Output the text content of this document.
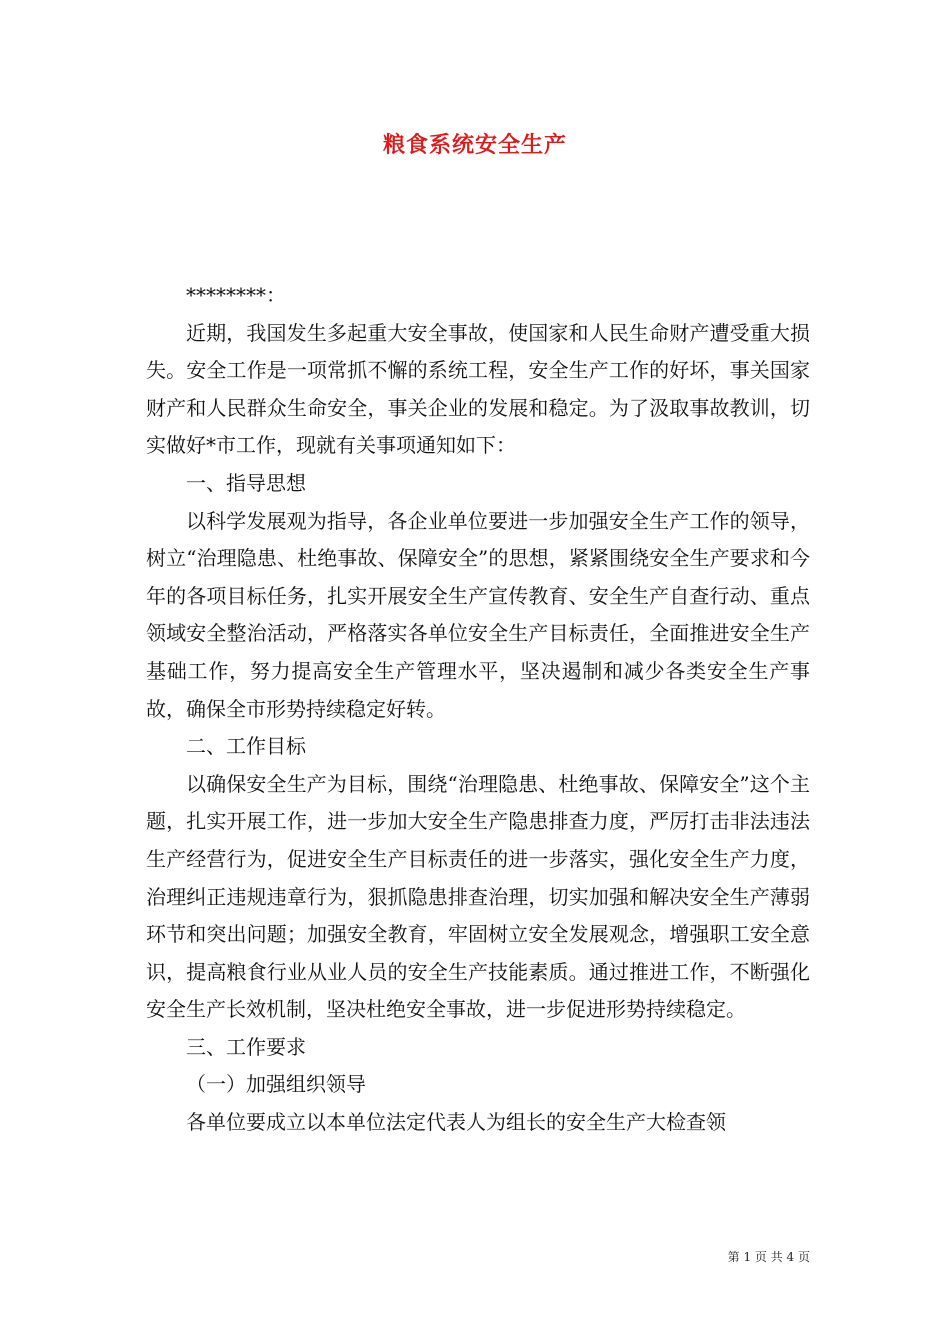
粮食系统安全生产

********：

近期，我国发生多起重大安全事故，使国家和人民生命财产遭受重大损失。安全工作是一项常抓不懈的系统工程，安全生产工作的好坏，事关国家财产和人民群众生命安全，事关企业的发展和稳定。为了汲取事故教训，切实做好*市工作，现就有关事项通知如下：

一、指导思想

以科学发展观为指导，各企业单位要进一步加强安全生产工作的领导，树立“治理隐患、杜绝事故、保障安全”的思想，紧紧围绕安全生产要求和今年的各项目标任务，扎实开展安全生产宣传教育、安全生产自查行动、重点领域安全整治活动，严格落实各单位安全生产目标责任，全面推进安全生产基础工作，努力提高安全生产管理水平，坚决遏制和减少各类安全生产事故，确保全市形势持续稳定好转。

二、工作目标

以确保安全生产为目标，围绕“治理隐患、杜绝事故、保障安全”这个主题，扎实开展工作，进一步加大安全生产隐患排查力度，严厉打击非法违法生产经营行为，促进安全生产目标责任的进一步落实，强化安全生产力度，治理纠正违规违章行为，狠抓隐患排查治理，切实加强和解决安全生产薄弱环节和突出问题；加强安全教育，牢固树立安全发展观念，增强职工安全意识，提高粮食行业从业人员的安全生产技能素质。通过推进工作，不断强化安全生产长效机制，坚决杜绝安全事故，进一步促进形势持续稳定。

三、工作要求

（一）加强组织领导

各单位要成立以本单位法定代表人为组长的安全生产大检查领

第 1 页 共 4 页
